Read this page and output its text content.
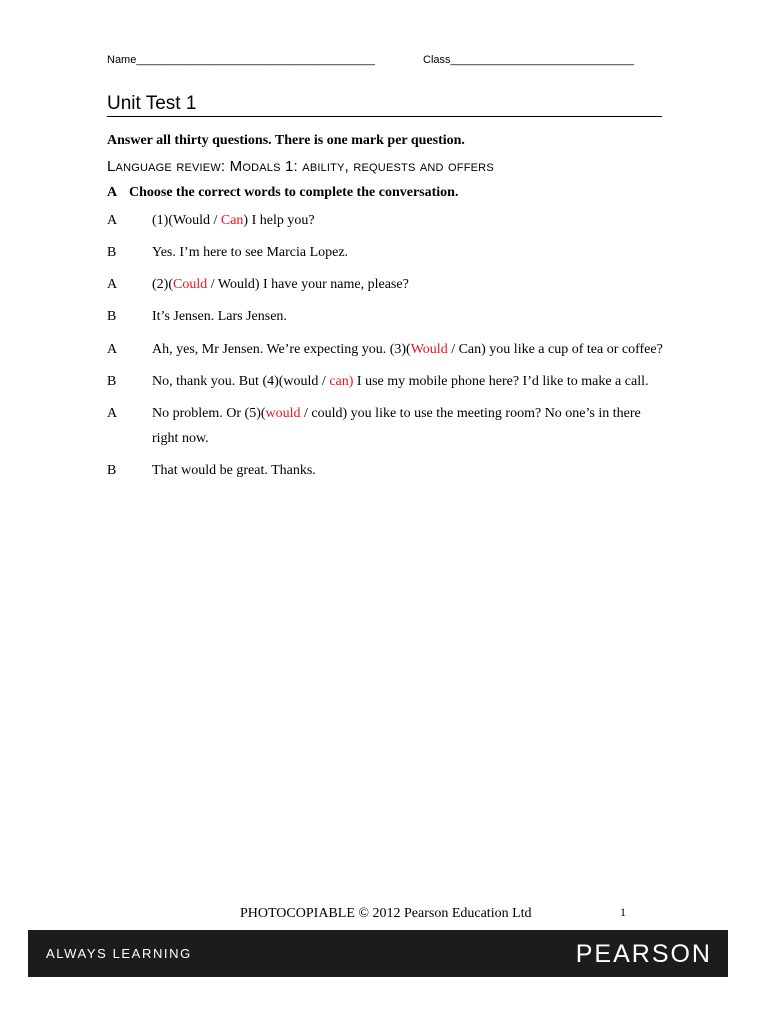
Name_______________________________________	Class______________________________
Unit Test 1
Answer all thirty questions. There is one mark per question.
Language review: Modals 1: ability, requests and offers
A Choose the correct words to complete the conversation.
A	(1)(Would / Can) I help you?
B	Yes. I’m here to see Marcia Lopez.
A	(2)(Could / Would) I have your name, please?
B	It’s Jensen. Lars Jensen.
A	Ah, yes, Mr Jensen. We’re expecting you. (3)(Would / Can) you like a cup of tea or coffee?
B	No, thank you. But (4)(would / can) I use my mobile phone here? I’d like to make a call.
A	No problem. Or (5)(would / could) you like to use the meeting room? No one’s in there right now.
B	That would be great. Thanks.
PHOTOCOPIABLE © 2012 Pearson Education Ltd	1
ALWAYS LEARNING	PEARSON
